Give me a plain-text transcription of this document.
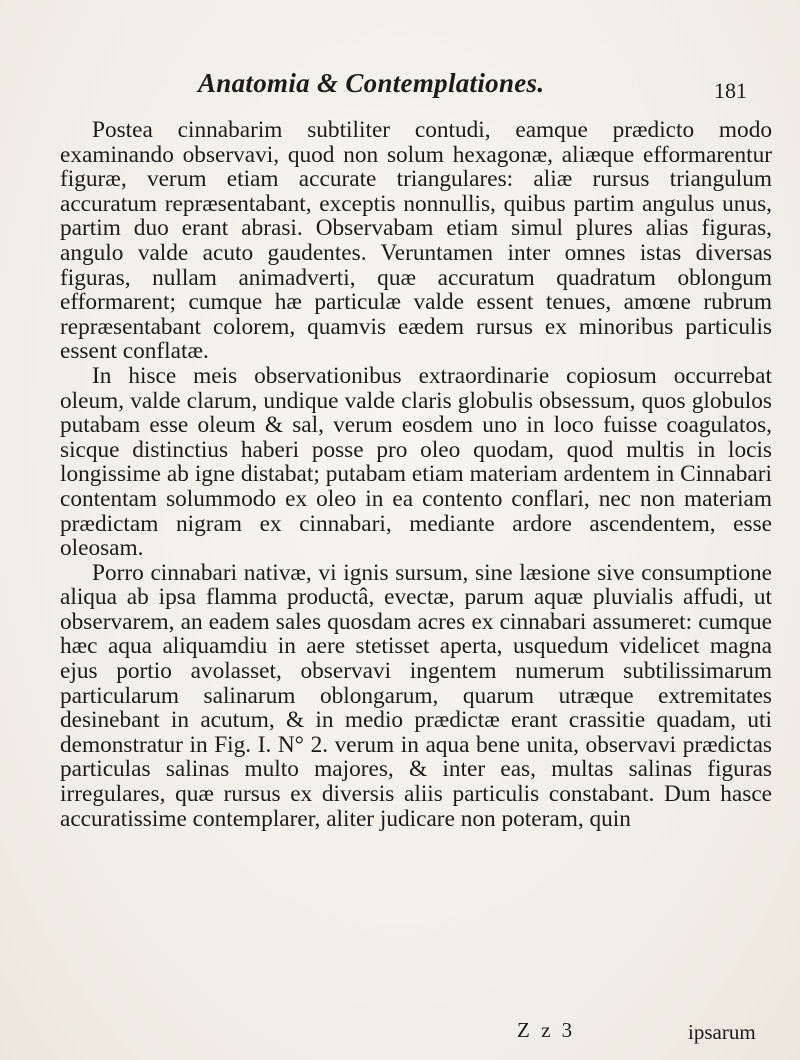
Anatomia & Contemplationes.	181

Postea cinnabarim subtiliter contudi, eamque prædicto modo examinando observavi, quod non solum hexagonæ, aliæque efformarentur figuræ, verum etiam accurate triangulares: aliæ rursus triangulum accuratum repræsentabant, exceptis nonnullis, quibus partim angulus unus, partim duo erant abrasi. Observabam etiam simul plures alias figuras, angulo valde acuto gaudentes. Veruntamen inter omnes istas diversas figuras, nullam animadverti, quæ accuratum quadratum oblongum efformarent; cumque hæ particulæ valde essent tenues, amœne rubrum repræsentabant colorem, quamvis eædem rursus ex minoribus particulis essent conflatæ.

In hisce meis observationibus extraordinarie copiosum occurrebat oleum, valde clarum, undique valde claris globulis obsessum, quos globulos putabam esse oleum & sal, verum eosdem uno in loco fuisse coagulatos, sicque distinctius haberi posse pro oleo quodam, quod multis in locis longissime ab igne distabat; putabam etiam materiam ardentem in Cinnabari contentam solummodo ex oleo in ea contento conflari, nec non materiam prædictam nigram ex cinnabari, mediante ardore ascendentem, esse oleosam.

Porro cinnabari nativæ, vi ignis sursum, sine læsione sive consumptione aliqua ab ipsa flamma productâ, evectæ, parum aquæ pluvialis affudi, ut observarem, an eadem sales quosdam acres ex cinnabari assumeret: cumque hæc aqua aliquamdiu in aere stetisset aperta, usquedum videlicet magna ejus portio avolasset, observavi ingentem numerum subtilissimarum particularum salinarum oblongarum, quarum utræque extremitates desinebant in acutum, & in medio prædictæ erant crassitie quadam, uti demonstratur in Fig. I. N° 2. verum in aqua bene unita, observavi prædictas particulas salinas multo majores, & inter eas, multas salinas figuras irregulares, quæ rursus ex diversis aliis particulis constabant. Dum hasce accuratissime contemplarer, aliter judicare non poteram, quin

Z z 3	ipsarum
